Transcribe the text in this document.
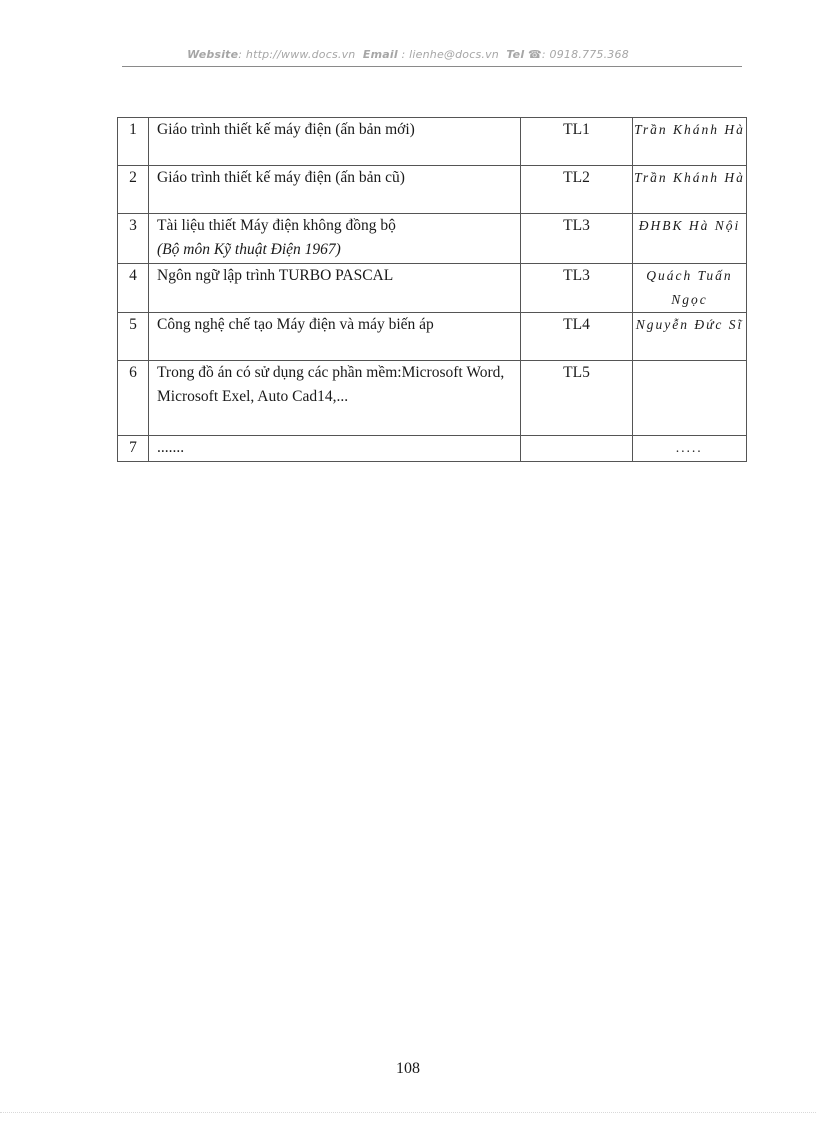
Website: http://www.docs.vn Email : lienhe@docs.vn Tel ☎: 0918.775.368
1	Giáo trình thiết kế máy điện (ấn bản mới)	TL1	Trần Khánh Hà
2	Giáo trình thiết kế máy điện (ấn bản cũ)	TL2	Trần Khánh Hà
3	Tài liệu thiết Máy điện không đồng bộ
(Bộ môn Kỹ thuật Điện 1967)	TL3	ĐHBK Hà Nội
4	Ngôn ngữ lập trình TURBO PASCAL	TL3	Quách Tuấn Ngọc
5	Công nghệ chế tạo Máy điện và máy biến áp	TL4	Nguyễn Đức Sĩ
6	Trong đồ án có sử dụng các phần mềm:Microsoft Word, Microsoft Exel, Auto Cad14,...	TL5	
7	.......		.....
108
